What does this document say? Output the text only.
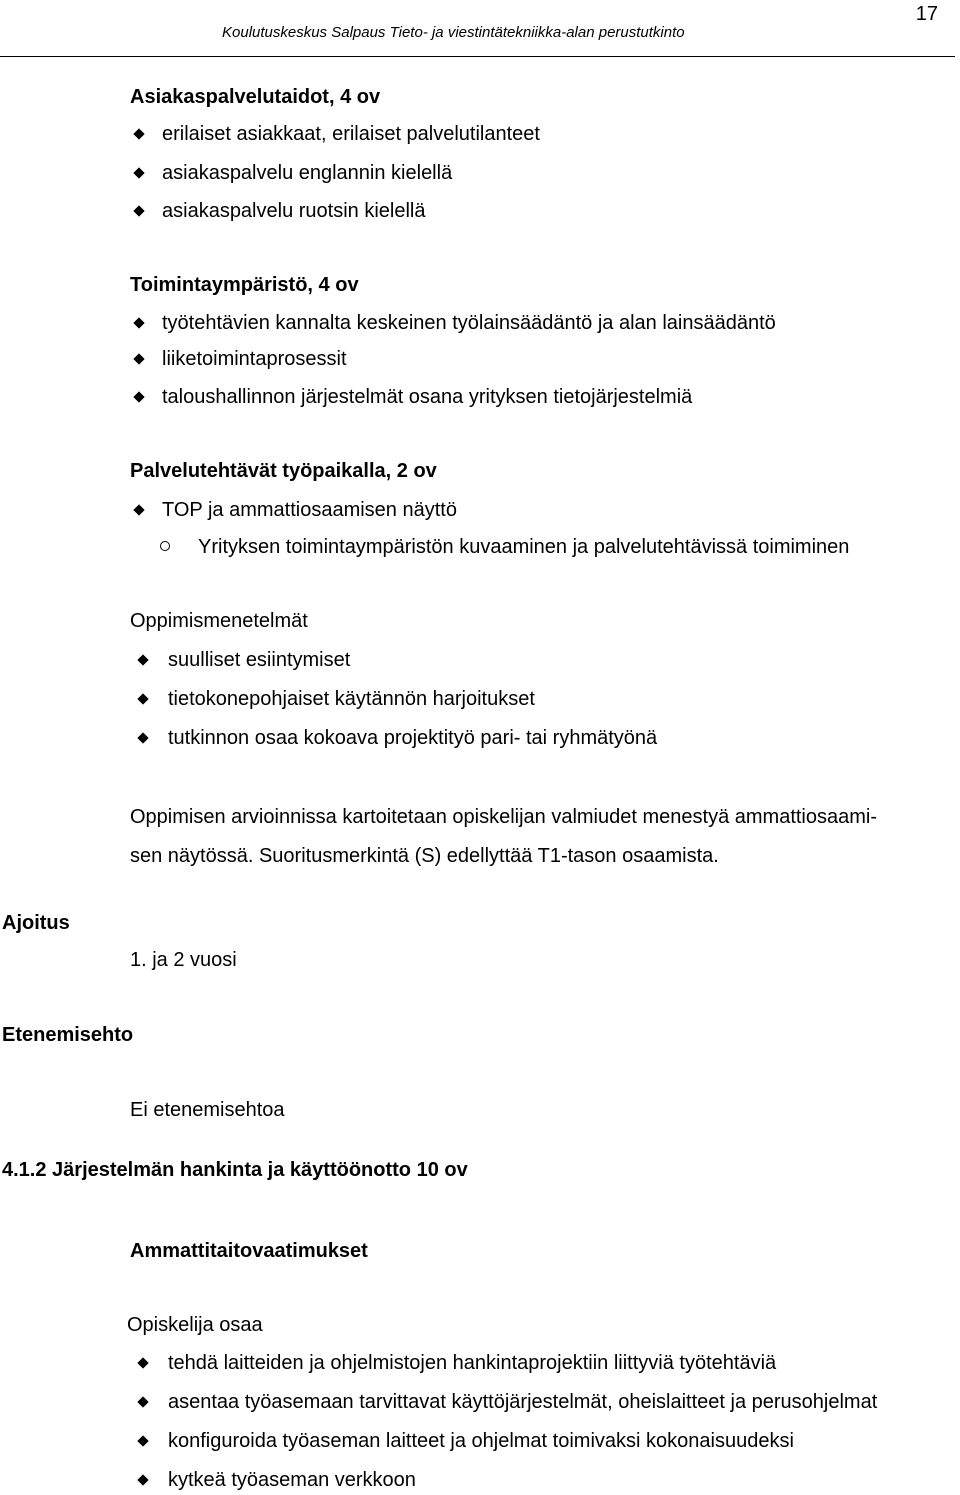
Koulutuskeskus Salpaus Tieto- ja viestintätekniikka-alan perustutkinto
17
Asiakaspalvelutaidot, 4 ov
erilaiset asiakkaat, erilaiset palvelutilanteet
asiakaspalvelu englannin kielellä
asiakaspalvelu ruotsin kielellä
Toimintaympäristö, 4 ov
työtehtävien kannalta keskeinen työlainsäädäntö ja alan lainsäädäntö
liiketoimintaprosessit
taloushallinnon järjestelmät osana yrityksen tietojärjestelmiä
Palvelutehtävät työpaikalla, 2 ov
TOP ja ammattiosaamisen näyttö
Yrityksen toimintaympäristön kuvaaminen ja palvelutehtävissä toimiminen
Oppimismenetelmät
suulliset esiintymiset
tietokonepohjaiset käytännön harjoitukset
tutkinnon osaa kokoava projektityö pari- tai ryhmätyönä
Oppimisen arvioinnissa kartoitetaan opiskelijan valmiudet menestyä ammattiosaami-
sen näytössä. Suoritusmerkintä (S) edellyttää T1-tason osaamista.
Ajoitus
1. ja 2 vuosi
Etenemisehto
Ei etenemisehtoa
4.1.2 Järjestelmän hankinta ja käyttöönotto 10 ov
Ammattitaitovaatimukset
Opiskelija osaa
tehdä laitteiden ja ohjelmistojen hankintaprojektiin liittyviä työtehtäviä
asentaa työasemaan tarvittavat käyttöjärjestelmät, oheislaitteet ja perusohjelmat
konfiguroida työaseman laitteet ja ohjelmat toimivaksi kokonaisuudeksi
kytkeä työaseman verkkoon
